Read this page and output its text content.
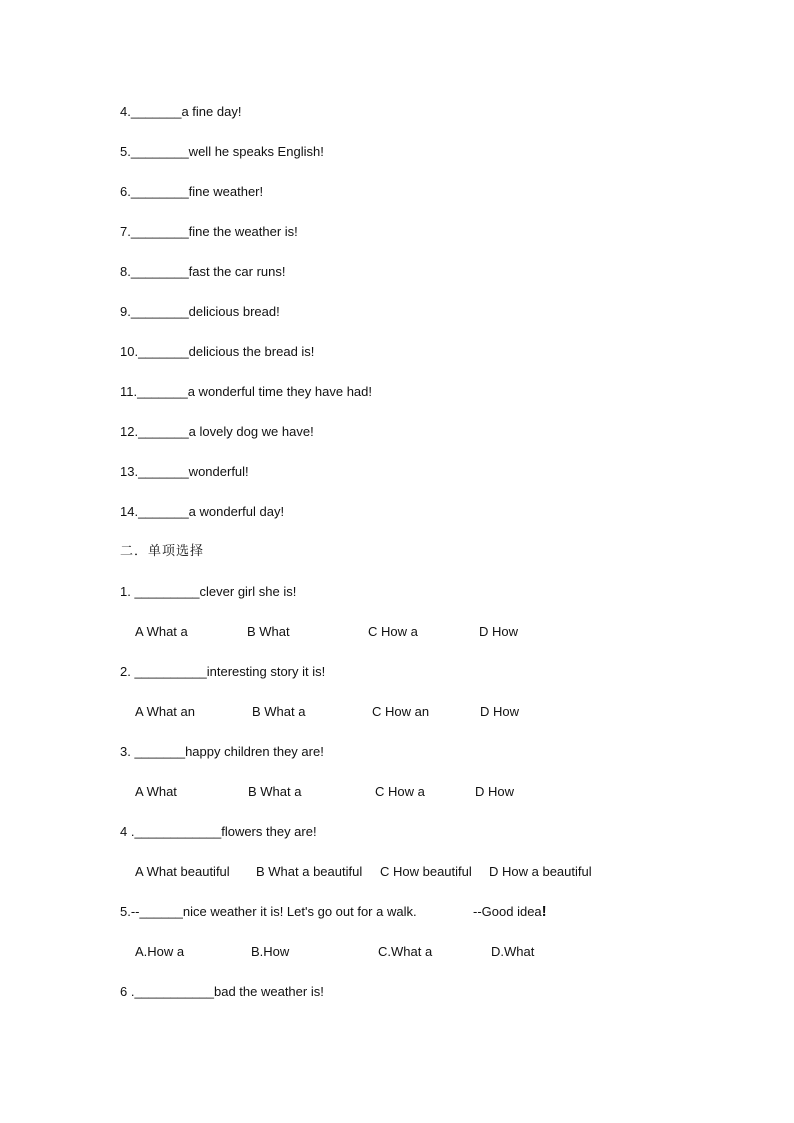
4._______a fine day!
5.________well he speaks English!
6.________fine weather!
7.________fine the weather is!
8.________fast the car runs!
9.________delicious bread!
10._______delicious the bread is!
11._______a wonderful time they have had!
12._______a lovely dog we have!
13._______wonderful!
14._______a wonderful day!
二．单项选择
1. _________clever girl she is!
A What a	B What	C How a	D How
2. __________interesting story it is!
A What an	B What a	C How an	D How
3. _______happy children they are!
A What	B What a	C How a	D How
4 .____________flowers they are!
A What beautiful B What a beautiful C How beautiful D How a beautiful
5.--______nice weather it is! Let's go out for a walk.	--Good idea!
A.How a	B.How	C.What a	D.What
6 .___________bad the weather is!
